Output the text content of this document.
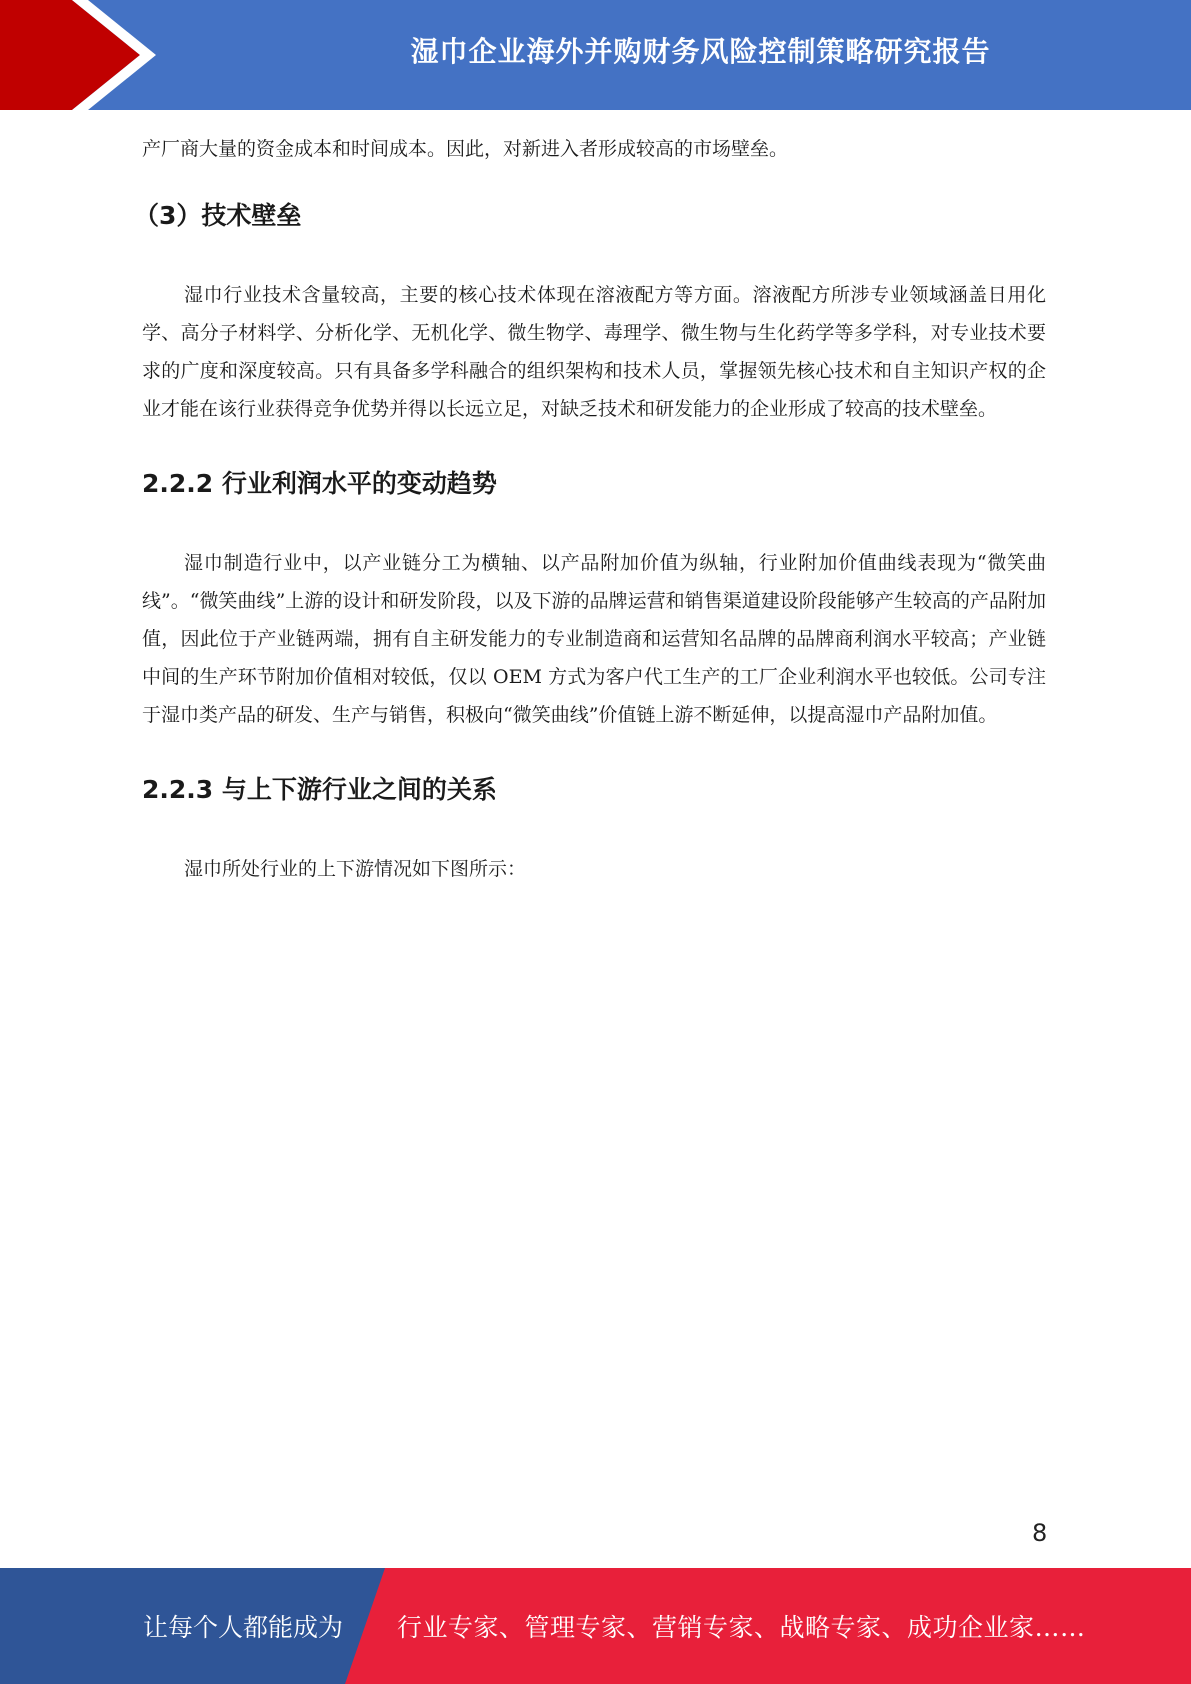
湿巾企业海外并购财务风险控制策略研究报告

产厂商大量的资金成本和时间成本。因此，对新进入者形成较高的市场壁垒。

（3）技术壁垒

湿巾行业技术含量较高，主要的核心技术体现在溶液配方等方面。溶液配方所涉专业领域涵盖日用化学、高分子材料学、分析化学、无机化学、微生物学、毒理学、微生物与生化药学等多学科，对专业技术要求的广度和深度较高。只有具备多学科融合的组织架构和技术人员，掌握领先核心技术和自主知识产权的企业才能在该行业获得竞争优势并得以长远立足，对缺乏技术和研发能力的企业形成了较高的技术壁垒。

2.2.2 行业利润水平的变动趋势

湿巾制造行业中，以产业链分工为横轴、以产品附加价值为纵轴，行业附加价值曲线表现为“微笑曲线”。“微笑曲线”上游的设计和研发阶段，以及下游的品牌运营和销售渠道建设阶段能够产生较高的产品附加值，因此位于产业链两端，拥有自主研发能力的专业制造商和运营知名品牌的品牌商利润水平较高；产业链中间的生产环节附加价值相对较低，仅以 OEM 方式为客户代工生产的工厂企业利润水平也较低。公司专注于湿巾类产品的研发、生产与销售，积极向“微笑曲线”价值链上游不断延伸，以提高湿巾产品附加值。

2.2.3 与上下游行业之间的关系

湿巾所处行业的上下游情况如下图所示：

8
让每个人都能成为 行业专家、管理专家、营销专家、战略专家、成功企业家……
